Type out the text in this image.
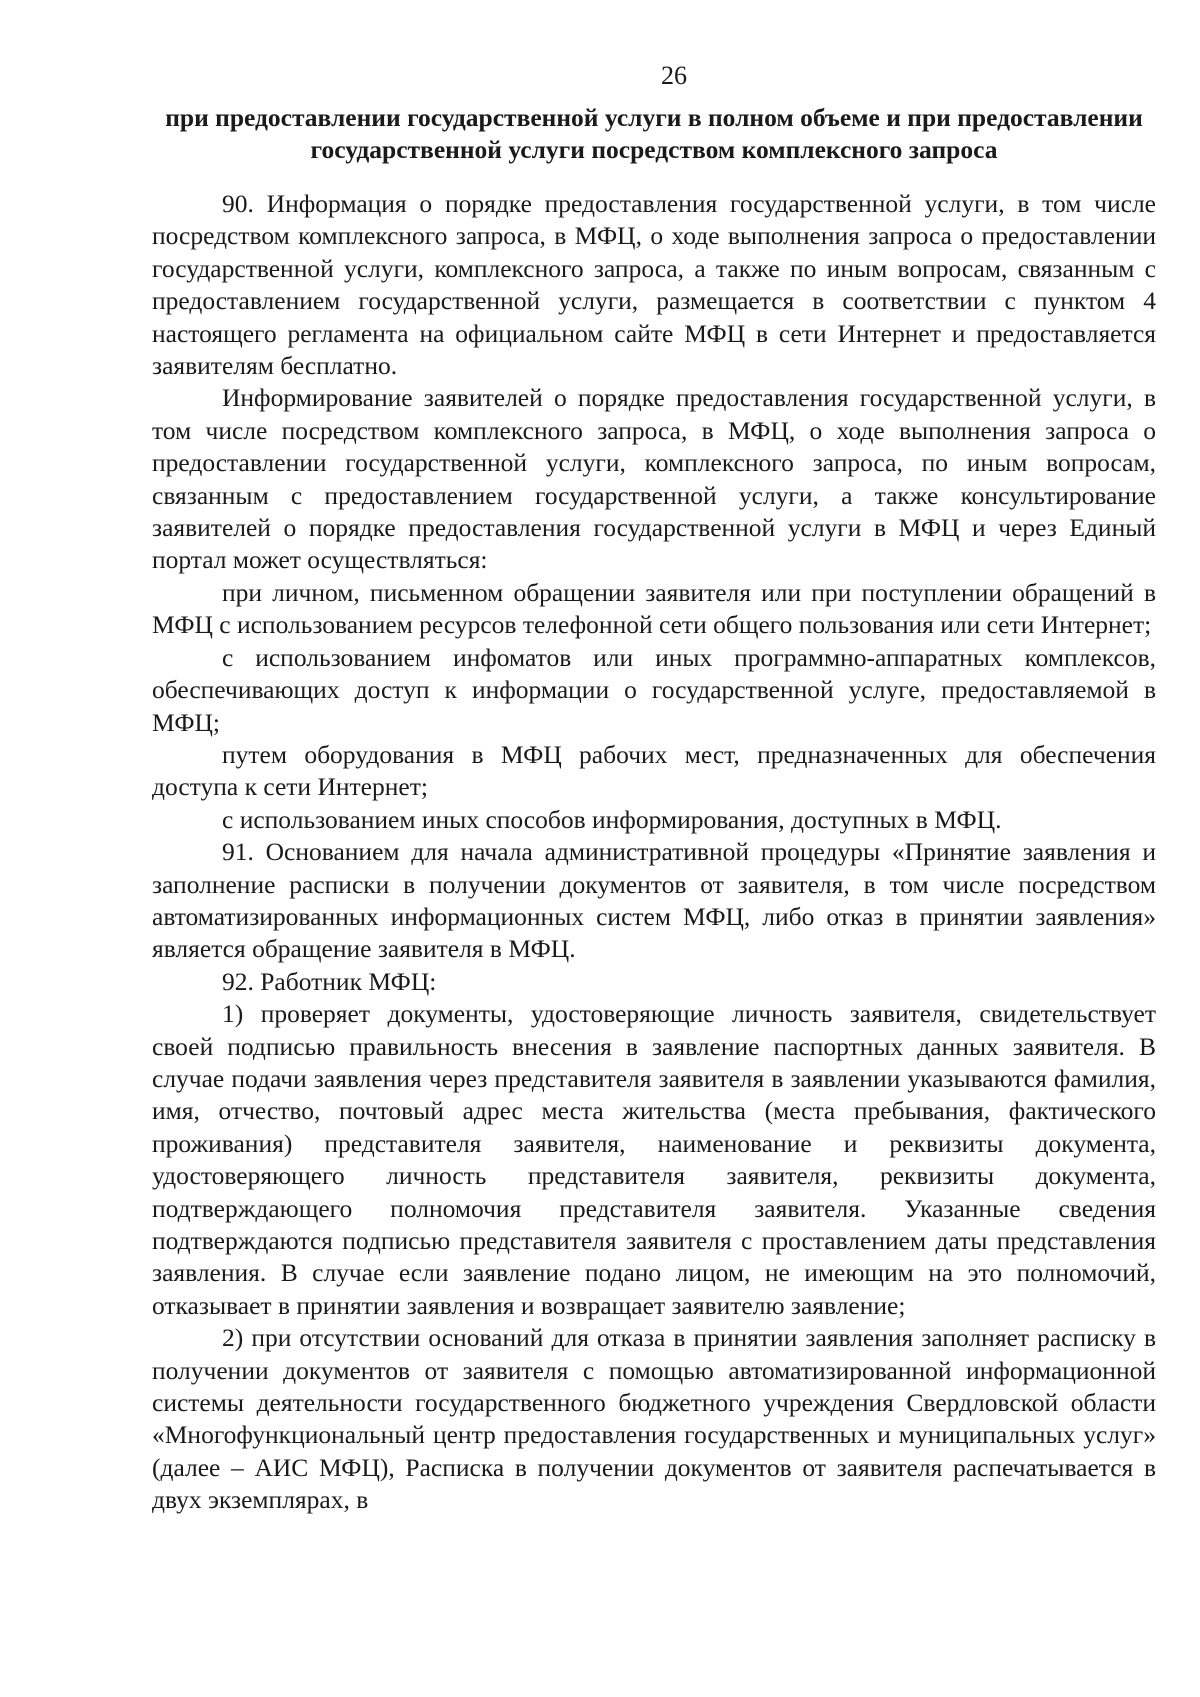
26
при предоставлении государственной услуги в полном объеме и при предоставлении государственной услуги посредством комплексного запроса

90. Информация о порядке предоставления государственной услуги, в том числе посредством комплексного запроса, в МФЦ, о ходе выполнения запроса о предоставлении государственной услуги, комплексного запроса, а также по иным вопросам, связанным с предоставлением государственной услуги, размещается в соответствии с пунктом 4 настоящего регламента на официальном сайте МФЦ в сети Интернет и предоставляется заявителям бесплатно.

Информирование заявителей о порядке предоставления государственной услуги, в том числе посредством комплексного запроса, в МФЦ, о ходе выполнения запроса о предоставлении государственной услуги, комплексного запроса, по иным вопросам, связанным с предоставлением государственной услуги, а также консультирование заявителей о порядке предоставления государственной услуги в МФЦ и через Единый портал может осуществляться:

при личном, письменном обращении заявителя или при поступлении обращений в МФЦ с использованием ресурсов телефонной сети общего пользования или сети Интернет;

с использованием инфоматов или иных программно-аппаратных комплексов, обеспечивающих доступ к информации о государственной услуге, предоставляемой в МФЦ;

путем оборудования в МФЦ рабочих мест, предназначенных для обеспечения доступа к сети Интернет;

с использованием иных способов информирования, доступных в МФЦ.

91. Основанием для начала административной процедуры «Принятие заявления и заполнение расписки в получении документов от заявителя, в том числе посредством автоматизированных информационных систем МФЦ, либо отказ в принятии заявления» является обращение заявителя в МФЦ.

92. Работник МФЦ:

1) проверяет документы, удостоверяющие личность заявителя, свидетельствует своей подписью правильность внесения в заявление паспортных данных заявителя. В случае подачи заявления через представителя заявителя в заявлении указываются фамилия, имя, отчество, почтовый адрес места жительства (места пребывания, фактического проживания) представителя заявителя, наименование и реквизиты документа, удостоверяющего личность представителя заявителя, реквизиты документа, подтверждающего полномочия представителя заявителя. Указанные сведения подтверждаются подписью представителя заявителя с проставлением даты представления заявления. В случае если заявление подано лицом, не имеющим на это полномочий, отказывает в принятии заявления и возвращает заявителю заявление;

2) при отсутствии оснований для отказа в принятии заявления заполняет расписку в получении документов от заявителя с помощью автоматизированной информационной системы деятельности государственного бюджетного учреждения Свердловской области «Многофункциональный центр предоставления государственных и муниципальных услуг» (далее – АИС МФЦ), Расписка в получении документов от заявителя распечатывается в двух экземплярах, в
